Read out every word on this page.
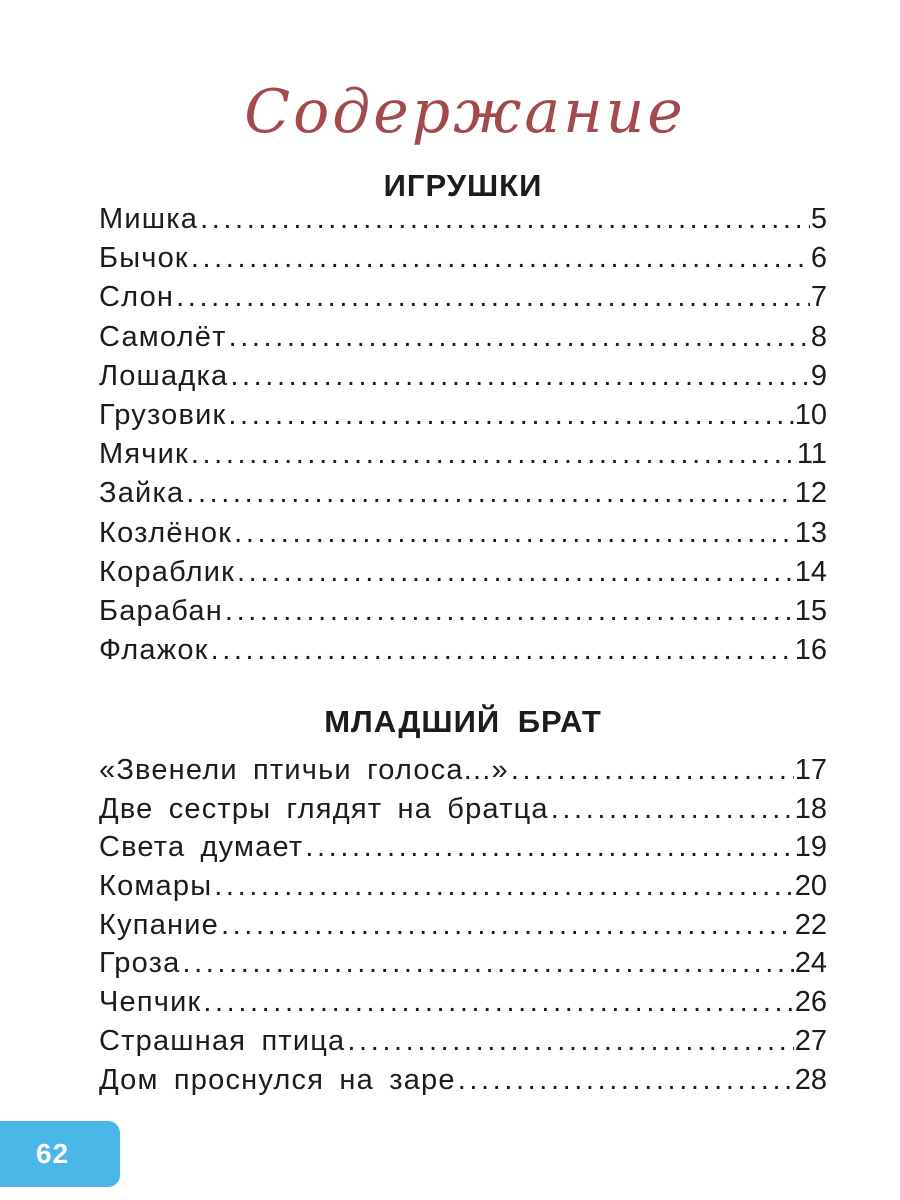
Содержание
ИГРУШКИ
Мишка .....	5
Бычок .....	6
Слон .....	7
Самолёт .....	8
Лошадка .....	9
Грузовик .....	10
Мячик .....	11
Зайка .....	12
Козлёнок .....	13
Кораблик .....	14
Барабан .....	15
Флажок .....	16
МЛАДШИЙ БРАТ
«Звенели птичьи голоса...» .....	17
Две сестры глядят на братца .....	18
Света думает .....	19
Комары .....	20
Купание .....	22
Гроза .....	24
Чепчик .....	26
Страшная птица .....	27
Дом проснулся на заре .....	28
62
